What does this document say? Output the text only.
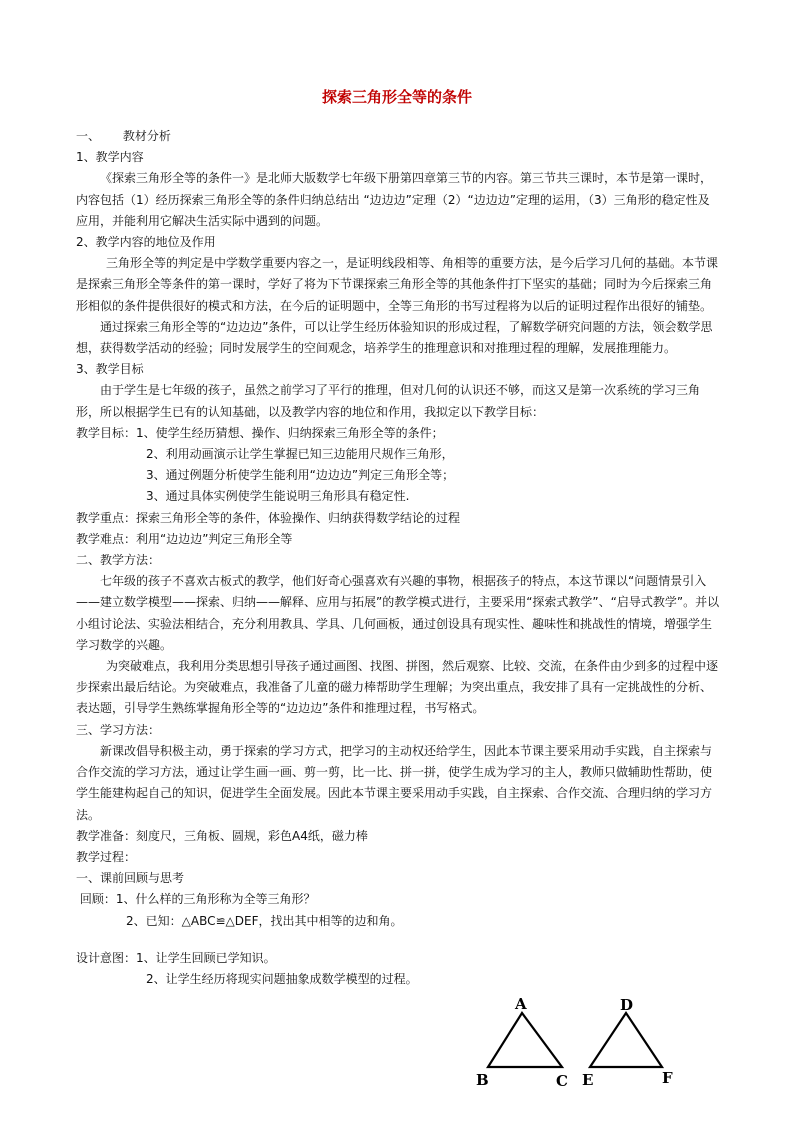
探索三角形全等的条件

一、      教材分析

1、教学内容

《探索三角形全等的条件一》是北师大版数学七年级下册第四章第三节的内容。第三节共三课时，本节是第一课时，内容包括（1）经历探索三角形全等的条件归纳总结出 “边边边”定理（2）“边边边”定理的运用，（3）三角形的稳定性及应用，并能利用它解决生活实际中遇到的问题。

2、教学内容的地位及作用

三角形全等的判定是中学数学重要内容之一，是证明线段相等、角相等的重要方法，是今后学习几何的基础。本节课是探索三角形全等条件的第一课时，学好了将为下节课探索三角形全等的其他条件打下坚实的基础；同时为今后探索三角形相似的条件提供很好的模式和方法，在今后的证明题中，全等三角形的书写过程将为以后的证明过程作出很好的铺垫。

通过探索三角形全等的“边边边”条件，可以让学生经历体验知识的形成过程，了解数学研究问题的方法，领会数学思想，获得数学活动的经验；同时发展学生的空间观念，培养学生的推理意识和对推理过程的理解，发展推理能力。

3、教学目标

由于学生是七年级的孩子，虽然之前学习了平行的推理，但对几何的认识还不够，而这又是第一次系统的学习三角形，所以根据学生已有的认知基础，以及教学内容的地位和作用，我拟定以下教学目标：

教学目标：1、使学生经历猜想、操作、归纳探索三角形全等的条件；

2、利用动画演示让学生掌握已知三边能用尺规作三角形，

3、通过例题分析使学生能利用“边边边”判定三角形全等；

3、通过具体实例使学生能说明三角形具有稳定性.

教学重点：探索三角形全等的条件，体验操作、归纳获得数学结论的过程

教学难点：利用“边边边”判定三角形全等

二、教学方法：

七年级的孩子不喜欢古板式的教学，他们好奇心强喜欢有兴趣的事物，根据孩子的特点，本这节课以“问题情景引入——建立数学模型——探索、归纳——解释、应用与拓展”的教学模式进行，主要采用“探索式教学”、“启导式教学”。并以小组讨论法、实验法相结合，充分利用教具、学具、几何画板，通过创设具有现实性、趣味性和挑战性的情境，增强学生学习数学的兴趣。

为突破难点，我利用分类思想引导孩子通过画图、找图、拼图，然后观察、比较、交流，在条件由少到多的过程中逐步探索出最后结论。为突破难点，我准备了儿童的磁力棒帮助学生理解；为突出重点，我安排了具有一定挑战性的分析、表达题，引导学生熟练掌握角形全等的“边边边”条件和推理过程，书写格式。

三、学习方法：

新课改倡导积极主动，勇于探索的学习方式，把学习的主动权还给学生，因此本节课主要采用动手实践，自主探索与合作交流的学习方法，通过让学生画一画、剪一剪，比一比、拼一拼，使学生成为学习的主人，教师只做辅助性帮助，使学生能建构起自己的知识，促进学生全面发展。因此本节课主要采用动手实践，自主探索、合作交流、合理归纳的学习方法。

教学准备：刻度尺，三角板、圆规，彩色A4纸，磁力棒

教学过程：

一、课前回顾与思考

回顾：1、什么样的三角形称为全等三角形？

2、已知：△ABC≌△DEF，找出其中相等的边和角。

设计意图：1、让学生回顾已学知识。

2、让学生经历将现实问题抽象成数学模型的过程。

A
B	C
D
E	F
